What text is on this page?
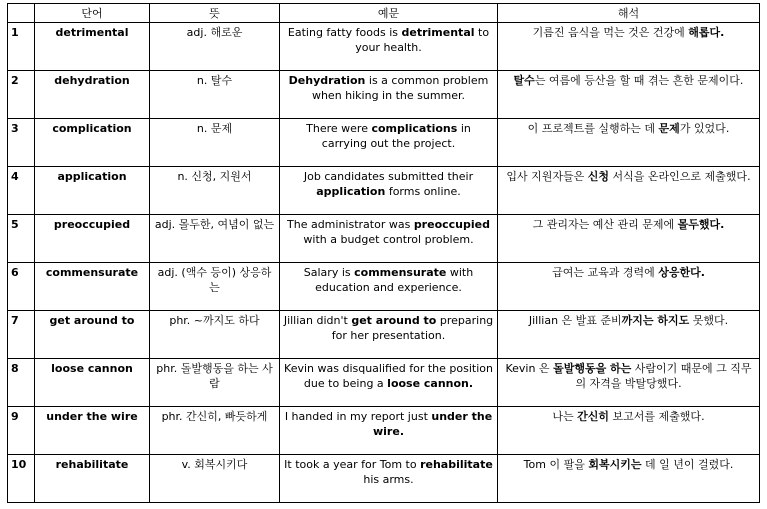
	단어	뜻	예문	해석
1	detrimental	adj. 해로운	Eating fatty foods is detrimental to your health.	기름진 음식을 먹는 것은 건강에 해롭다.
2	dehydration	n. 탈수	Dehydration is a common problem when hiking in the summer.	탈수는 여름에 등산을 할 때 겪는 흔한 문제이다.
3	complication	n. 문제	There were complications in carrying out the project.	이 프로젝트를 실행하는 데 문제가 있었다.
4	application	n. 신청, 지원서	Job candidates submitted their application forms online.	입사 지원자들은 신청 서식을 온라인으로 제출했다.
5	preoccupied	adj. 몰두한, 여념이 없는	The administrator was preoccupied with a budget control problem.	그 관리자는 예산 관리 문제에 몰두했다.
6	commensurate	adj. (액수 등이) 상응하는	Salary is commensurate with education and experience.	급여는 교육과 경력에 상응한다.
7	get around to	phr. ~까지도 하다	Jillian didn't get around to preparing for her presentation.	Jillian 은 발표 준비까지는 하지도 못했다.
8	loose cannon	phr. 돌발행동을 하는 사람	Kevin was disqualified for the position due to being a loose cannon.	Kevin 은 돌발행동을 하는 사람이기 때문에 그 직무의 자격을 박탈당했다.
9	under the wire	phr. 간신히, 빠듯하게	I handed in my report just under the wire.	나는 간신히 보고서를 제출했다.
10	rehabilitate	v. 회복시키다	It took a year for Tom to rehabilitate his arms.	Tom 이 팔을 회복시키는 데 일 년이 걸렸다.
